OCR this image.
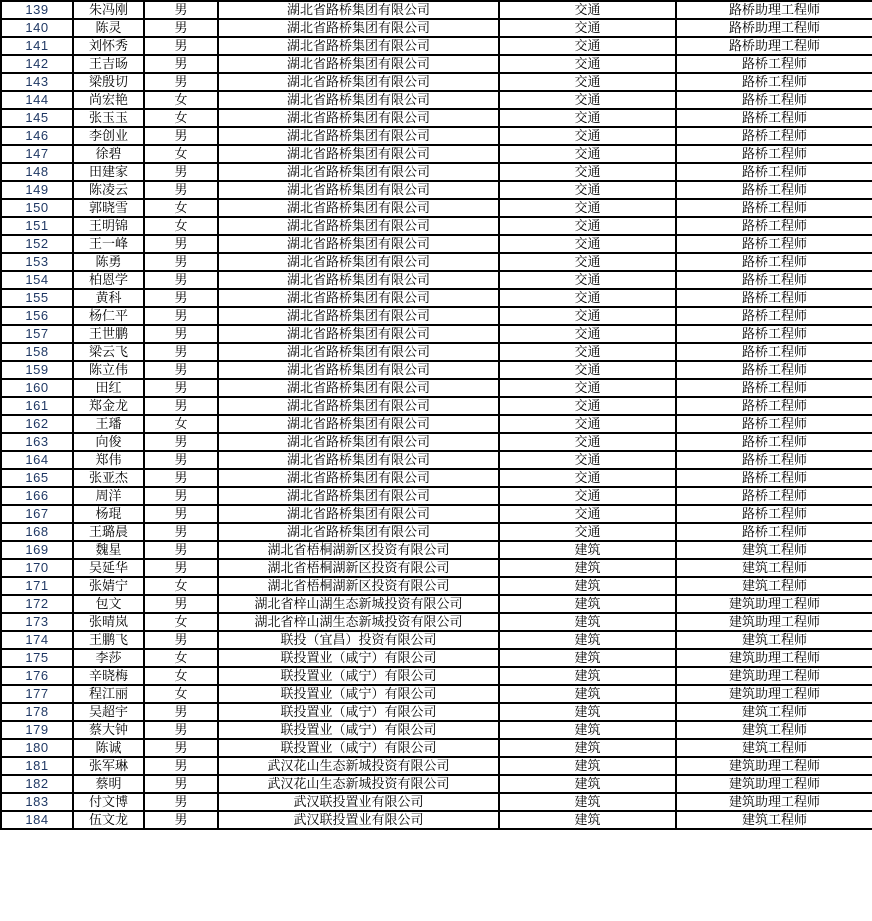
139	朱冯刚	男	湖北省路桥集团有限公司	交通	路桥助理工程师
140	陈灵	男	湖北省路桥集团有限公司	交通	路桥助理工程师
141	刘怀秀	男	湖北省路桥集团有限公司	交通	路桥助理工程师
142	王吉旸	男	湖北省路桥集团有限公司	交通	路桥工程师
143	梁殷切	男	湖北省路桥集团有限公司	交通	路桥工程师
144	尚宏艳	女	湖北省路桥集团有限公司	交通	路桥工程师
145	张玉玉	女	湖北省路桥集团有限公司	交通	路桥工程师
146	李创业	男	湖北省路桥集团有限公司	交通	路桥工程师
147	徐碧	女	湖北省路桥集团有限公司	交通	路桥工程师
148	田建家	男	湖北省路桥集团有限公司	交通	路桥工程师
149	陈凌云	男	湖北省路桥集团有限公司	交通	路桥工程师
150	郭晓雪	女	湖北省路桥集团有限公司	交通	路桥工程师
151	王明锦	女	湖北省路桥集团有限公司	交通	路桥工程师
152	王一峰	男	湖北省路桥集团有限公司	交通	路桥工程师
153	陈勇	男	湖北省路桥集团有限公司	交通	路桥工程师
154	柏恩学	男	湖北省路桥集团有限公司	交通	路桥工程师
155	黄科	男	湖北省路桥集团有限公司	交通	路桥工程师
156	杨仁平	男	湖北省路桥集团有限公司	交通	路桥工程师
157	王世鹏	男	湖北省路桥集团有限公司	交通	路桥工程师
158	梁云飞	男	湖北省路桥集团有限公司	交通	路桥工程师
159	陈立伟	男	湖北省路桥集团有限公司	交通	路桥工程师
160	田红	男	湖北省路桥集团有限公司	交通	路桥工程师
161	郑金龙	男	湖北省路桥集团有限公司	交通	路桥工程师
162	王璠	女	湖北省路桥集团有限公司	交通	路桥工程师
163	向俊	男	湖北省路桥集团有限公司	交通	路桥工程师
164	郑伟	男	湖北省路桥集团有限公司	交通	路桥工程师
165	张亚杰	男	湖北省路桥集团有限公司	交通	路桥工程师
166	周洋	男	湖北省路桥集团有限公司	交通	路桥工程师
167	杨琨	男	湖北省路桥集团有限公司	交通	路桥工程师
168	王璐晨	男	湖北省路桥集团有限公司	交通	路桥工程师
169	魏星	男	湖北省梧桐湖新区投资有限公司	建筑	建筑工程师
170	吴延华	男	湖北省梧桐湖新区投资有限公司	建筑	建筑工程师
171	张婧宁	女	湖北省梧桐湖新区投资有限公司	建筑	建筑工程师
172	包文	男	湖北省梓山湖生态新城投资有限公司	建筑	建筑助理工程师
173	张晴岚	女	湖北省梓山湖生态新城投资有限公司	建筑	建筑助理工程师
174	王鹏飞	男	联投（宜昌）投资有限公司	建筑	建筑工程师
175	李莎	女	联投置业（咸宁）有限公司	建筑	建筑助理工程师
176	辛晓梅	女	联投置业（咸宁）有限公司	建筑	建筑助理工程师
177	程江丽	女	联投置业（咸宁）有限公司	建筑	建筑助理工程师
178	吴超宇	男	联投置业（咸宁）有限公司	建筑	建筑工程师
179	蔡大钟	男	联投置业（咸宁）有限公司	建筑	建筑工程师
180	陈诚	男	联投置业（咸宁）有限公司	建筑	建筑工程师
181	张军琳	男	武汉花山生态新城投资有限公司	建筑	建筑助理工程师
182	蔡明	男	武汉花山生态新城投资有限公司	建筑	建筑助理工程师
183	付文博	男	武汉联投置业有限公司	建筑	建筑助理工程师
184	伍文龙	男	武汉联投置业有限公司	建筑	建筑工程师
